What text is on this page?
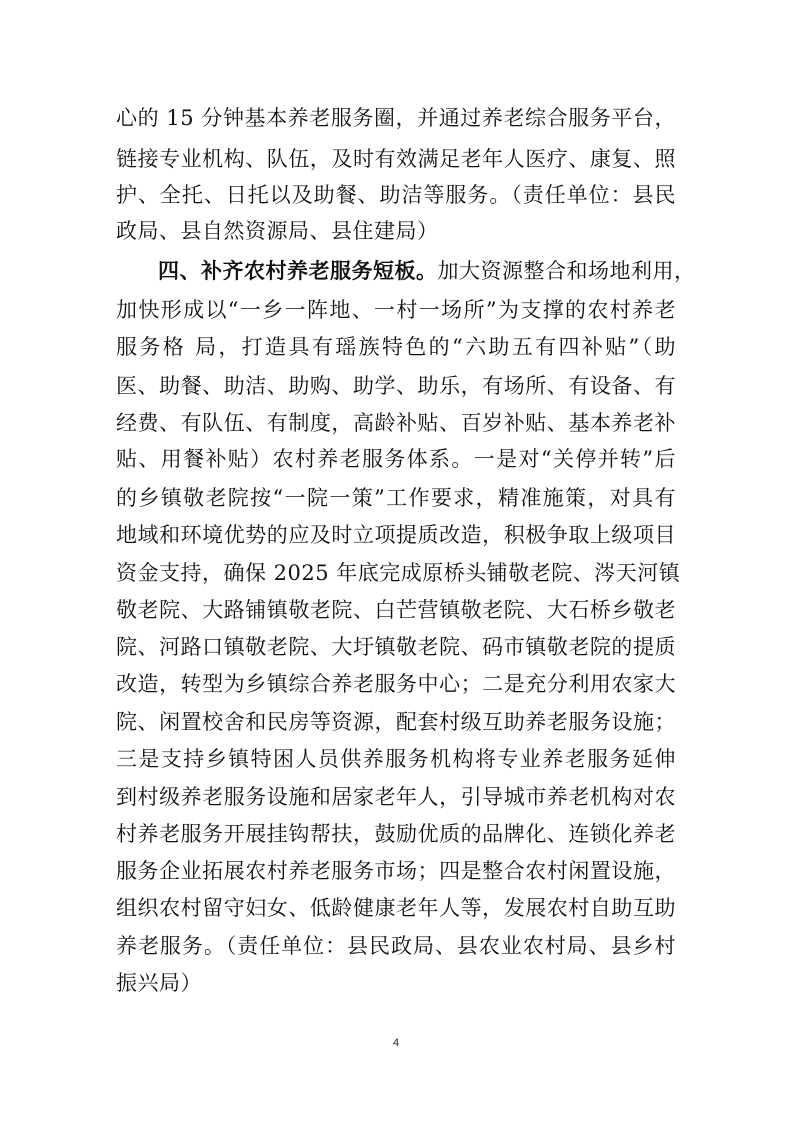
心的 15 分钟基本养老服务圈，并通过养老综合服务平台，
链接专业机构、队伍，及时有效满足老年人医疗、康复、照
护、全托、日托以及助餐、助洁等服务。（责任单位：县民
政局、县自然资源局、县住建局）
四、补齐农村养老服务短板。加大资源整合和场地利用，
加快形成以“一乡一阵地、一村一场所”为支撑的农村养老
服务格 局，打造具有瑶族特色的“六助五有四补贴”（助
医、助餐、助洁、助购、助学、助乐，有场所、有设备、有
经费、有队伍、有制度，高龄补贴、百岁补贴、基本养老补
贴、用餐补贴）农村养老服务体系。一是对“关停并转”后
的乡镇敬老院按“一院一策”工作要求，精准施策，对具有
地域和环境优势的应及时立项提质改造，积极争取上级项目
资金支持，确保 2025 年底完成原桥头铺敬老院、涔天河镇
敬老院、大路铺镇敬老院、白芒营镇敬老院、大石桥乡敬老
院、河路口镇敬老院、大圩镇敬老院、码市镇敬老院的提质
改造，转型为乡镇综合养老服务中心；二是充分利用农家大
院、闲置校舍和民房等资源，配套村级互助养老服务设施；
三是支持乡镇特困人员供养服务机构将专业养老服务延伸
到村级养老服务设施和居家老年人，引导城市养老机构对农
村养老服务开展挂钩帮扶，鼓励优质的品牌化、连锁化养老
服务企业拓展农村养老服务市场；四是整合农村闲置设施，
组织农村留守妇女、低龄健康老年人等，发展农村自助互助
养老服务。（责任单位：县民政局、县农业农村局、县乡村
振兴局）
4
